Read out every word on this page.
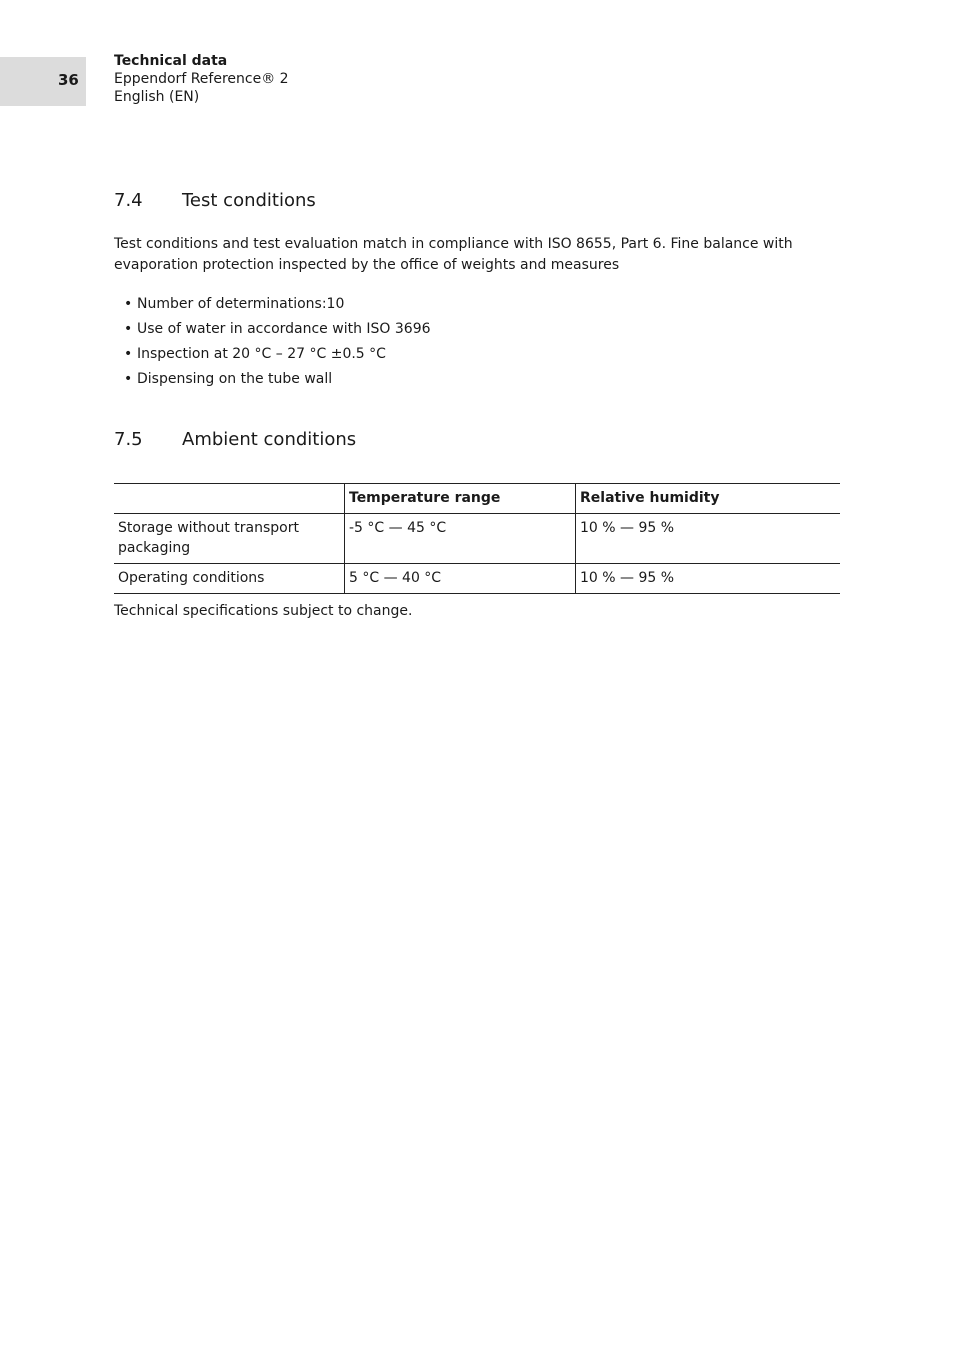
36
Technical data
Eppendorf Reference® 2
English (EN)
7.4 Test conditions
Test conditions and test evaluation match in compliance with ISO 8655, Part 6. Fine balance with evaporation protection inspected by the office of weights and measures
• Number of determinations:10
• Use of water in accordance with ISO 3696
• Inspection at 20 °C – 27 °C ±0.5 °C
• Dispensing on the tube wall
7.5 Ambient conditions
	Temperature range	Relative humidity
Storage without transport packaging	-5 °C — 45 °C	10 % — 95 %
Operating conditions	5 °C — 40 °C	10 % — 95 %
Technical specifications subject to change.
